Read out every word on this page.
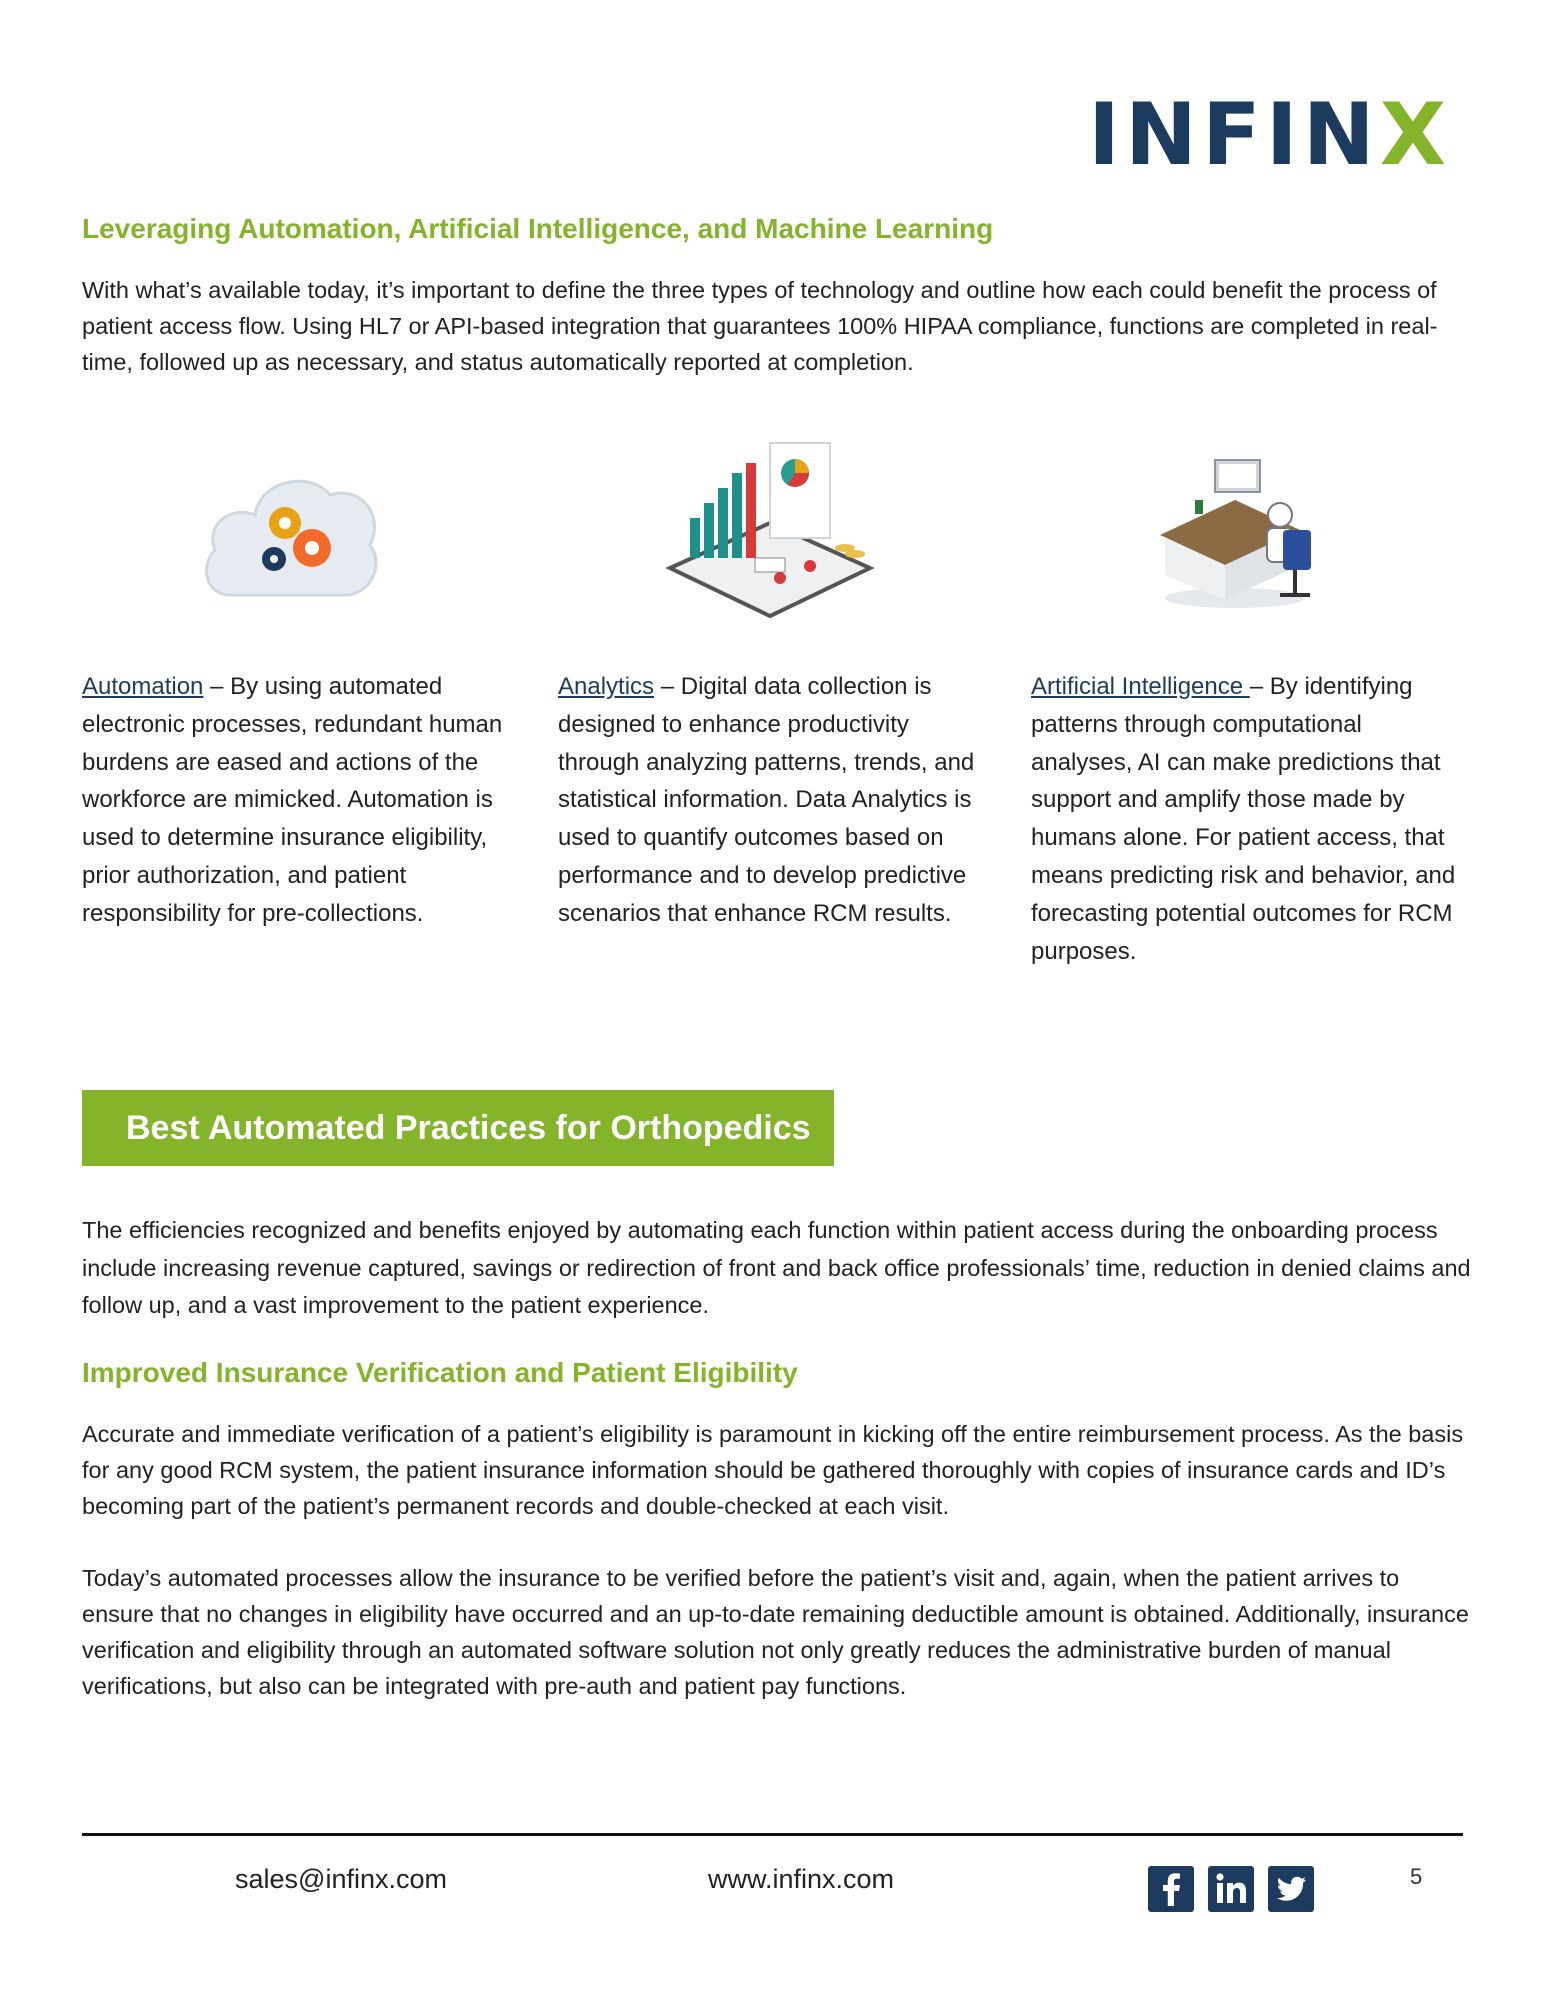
INFINX
Leveraging Automation, Artificial Intelligence, and Machine Learning

With what’s available today, it’s important to define the three types of technology and outline how each could benefit the process of patient access flow. Using HL7 or API-based integration that guarantees 100% HIPAA compliance, functions are completed in real-time, followed up as necessary, and status automatically reported at completion.

Automation – By using automated electronic processes, redundant human burdens are eased and actions of the workforce are mimicked. Automation is used to determine insurance eligibility, prior authorization, and patient responsibility for pre-collections.

Analytics – Digital data collection is designed to enhance productivity through analyzing patterns, trends, and statistical information. Data Analytics is used to quantify outcomes based on performance and to develop predictive scenarios that enhance RCM results.

Artificial Intelligence – By identifying patterns through computational analyses, AI can make predictions that support and amplify those made by humans alone. For patient access, that means predicting risk and behavior, and forecasting potential outcomes for RCM purposes.

Best Automated Practices for Orthopedics

The efficiencies recognized and benefits enjoyed by automating each function within patient access during the onboarding process include increasing revenue captured, savings or redirection of front and back office professionals’ time, reduction in denied claims and follow up, and a vast improvement to the patient experience.

Improved Insurance Verification and Patient Eligibility

Accurate and immediate verification of a patient’s eligibility is paramount in kicking off the entire reimbursement process. As the basis for any good RCM system, the patient insurance information should be gathered thoroughly with copies of insurance cards and ID’s becoming part of the patient’s permanent records and double-checked at each visit.

Today’s automated processes allow the insurance to be verified before the patient’s visit and, again, when the patient arrives to ensure that no changes in eligibility have occurred and an up-to-date remaining deductible amount is obtained. Additionally, insurance verification and eligibility through an automated software solution not only greatly reduces the administrative burden of manual verifications, but also can be integrated with pre-auth and patient pay functions.

sales@infinx.com	www.infinx.com	5
